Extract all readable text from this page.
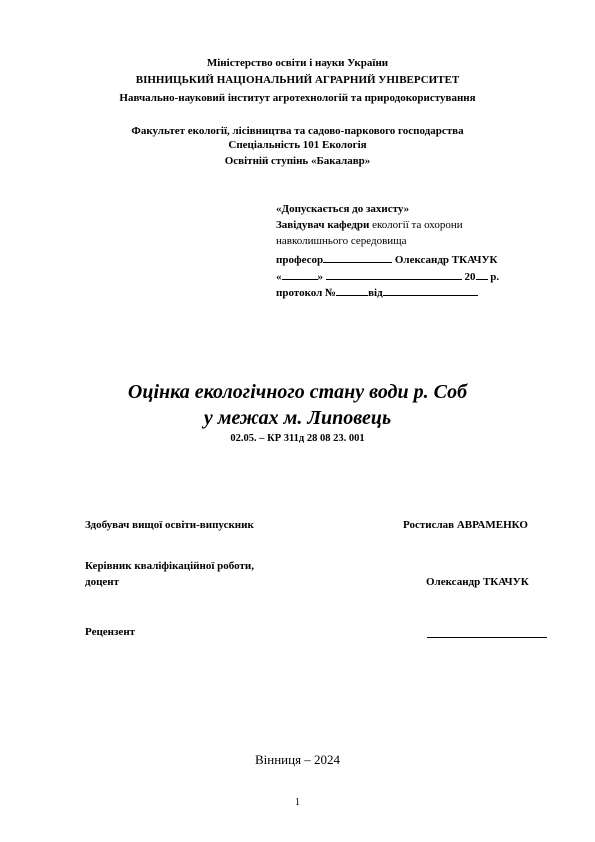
Міністерство освіти і науки України
ВІННИЦЬКИЙ НАЦІОНАЛЬНИЙ АГРАРНИЙ УНІВЕРСИТЕТ
Навчально-науковий інститут агротехнологій та природокористування
Факультет екології, лісівництва та садово-паркового господарства
Спеціальність 101 Екологія
Освітній ступінь «Бакалавр»
«Допускається до захисту»
Завідувач кафедри екології та охорони
навколишнього середовища
професор	Олександр ТКАЧУК
«	»	20 р.
протокол №	від
Оцінка екологічного стану води р. Соб
у межах м. Липовець
02.05. – КР 311д 28 08 23. 001
Здобувач вищої освіти-випускник	Ростислав АВРАМЕНКО
Керівник кваліфікаційної роботи,
доцент	Олександр ТКАЧУК
Рецензент
Вінниця – 2024
1
